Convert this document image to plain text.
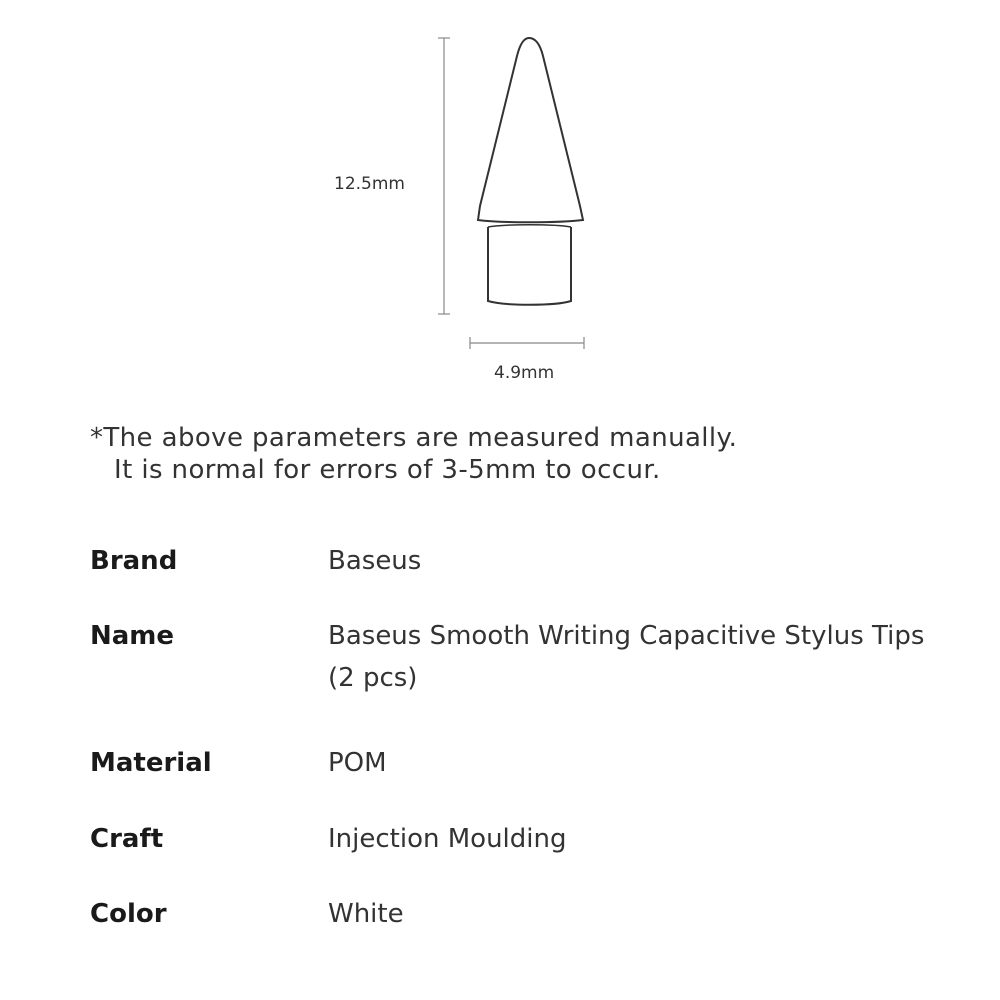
12.5mm
4.9mm
*The above parameters are measured manually.
It is normal for errors of 3-5mm to occur.
Brand	Baseus
Name	Baseus Smooth Writing Capacitive Stylus Tips (2 pcs)
Material	POM
Craft	Injection Moulding
Color	White
